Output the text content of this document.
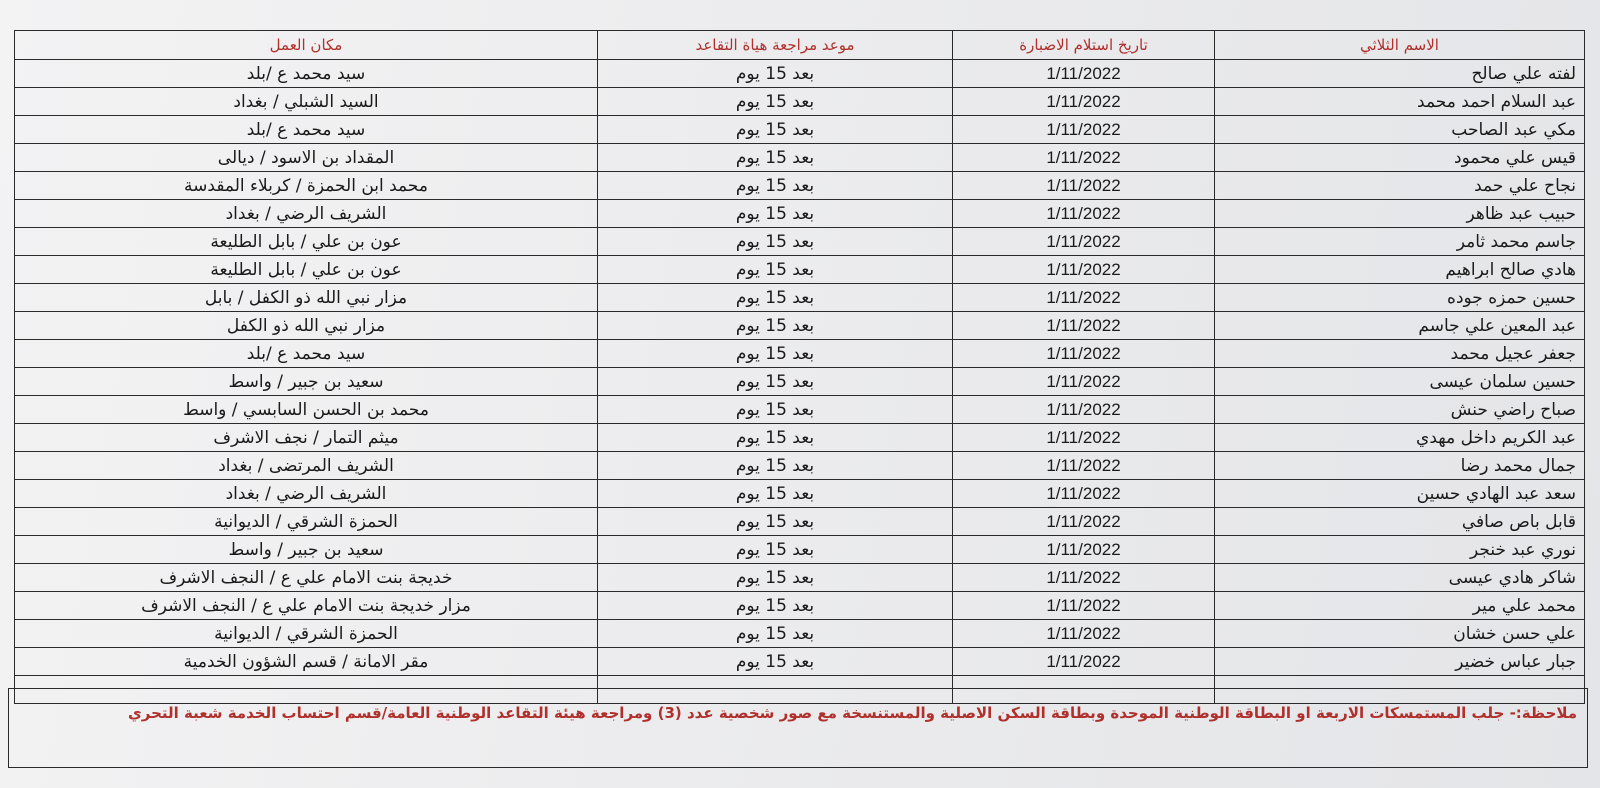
الاسم الثلاثي	تاريخ استلام الاضبارة	موعد مراجعة هياة التقاعد	مكان العمل
لفته علي صالح	1/11/2022	بعد 15 يوم	سيد محمد ع /بلد
عبد السلام احمد محمد	1/11/2022	بعد 15 يوم	السيد الشبلي / بغداد
مكي عبد الصاحب	1/11/2022	بعد 15 يوم	سيد محمد ع /بلد
قيس علي محمود	1/11/2022	بعد 15 يوم	المقداد بن الاسود / ديالى
نجاح علي حمد	1/11/2022	بعد 15 يوم	محمد ابن الحمزة / كربلاء المقدسة
حبيب عبد ظاهر	1/11/2022	بعد 15 يوم	الشريف الرضي / بغداد
جاسم محمد ثامر	1/11/2022	بعد 15 يوم	عون بن علي / بابل الطليعة
هادي صالح ابراهيم	1/11/2022	بعد 15 يوم	عون بن علي / بابل الطليعة
حسين حمزه جوده	1/11/2022	بعد 15 يوم	مزار نبي الله ذو الكفل / بابل
عبد المعين علي جاسم	1/11/2022	بعد 15 يوم	مزار نبي الله ذو الكفل
جعفر عجيل محمد	1/11/2022	بعد 15 يوم	سيد محمد ع /بلد
حسين سلمان عيسى	1/11/2022	بعد 15 يوم	سعيد بن جبير / واسط
صباح راضي حنش	1/11/2022	بعد 15 يوم	محمد بن الحسن السابسي / واسط
عبد الكريم داخل مهدي	1/11/2022	بعد 15 يوم	ميثم التمار / نجف الاشرف
جمال محمد رضا	1/11/2022	بعد 15 يوم	الشريف المرتضى / بغداد
سعد عبد الهادي حسين	1/11/2022	بعد 15 يوم	الشريف الرضي / بغداد
قابل باص صافي	1/11/2022	بعد 15 يوم	الحمزة الشرقي / الديوانية
نوري عبد خنجر	1/11/2022	بعد 15 يوم	سعيد بن جبير / واسط
شاكر هادي عيسى	1/11/2022	بعد 15 يوم	خديجة بنت الامام علي ع / النجف الاشرف
محمد علي مير	1/11/2022	بعد 15 يوم	مزار خديجة بنت الامام علي ع / النجف الاشرف
علي حسن خشان	1/11/2022	بعد 15 يوم	الحمزة الشرقي / الديوانية
جبار عباس خضير	1/11/2022	بعد 15 يوم	مقر الامانة / قسم الشؤون الخدمية

ملاحظة:- جلب المستمسكات الاربعة او البطاقة الوطنية الموحدة وبطاقة السكن الاصلية والمستنسخة مع صور شخصية عدد (3) ومراجعة هيئة التقاعد الوطنية العامة/قسم احتساب الخدمة شعبة التحري
